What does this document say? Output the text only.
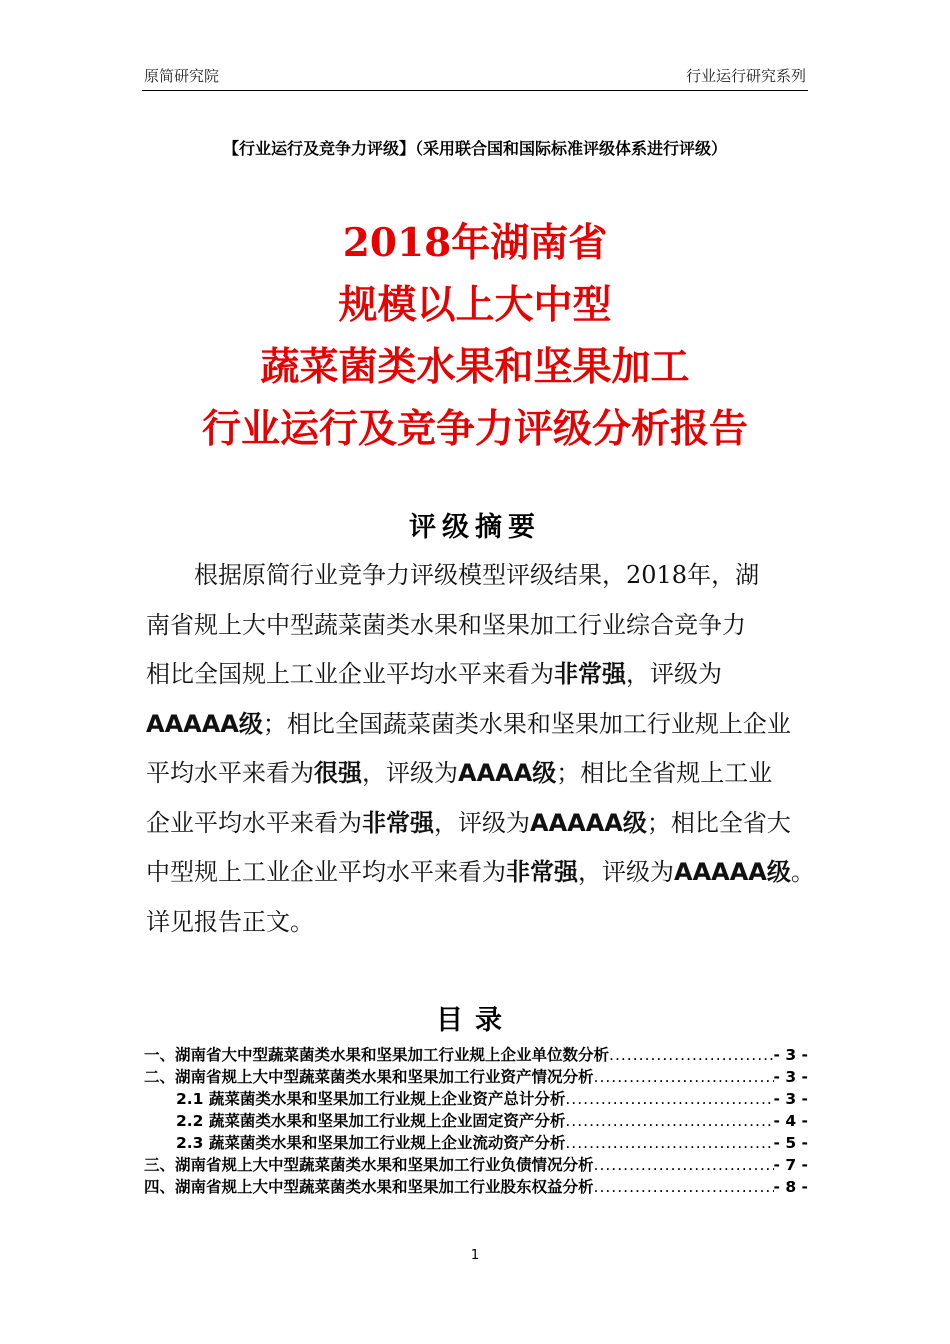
原简研究院	行业运行研究系列
【行业运行及竞争力评级】（采用联合国和国际标准评级体系进行评级）
2018年湖南省
规模以上大中型
蔬菜菌类水果和坚果加工
行业运行及竞争力评级分析报告
评级摘要
根据原简行业竞争力评级模型评级结果，2018年，湖
南省规上大中型蔬菜菌类水果和坚果加工行业综合竞争力
相比全国规上工业企业平均水平来看为非常强，评级为
AAAAA级；相比全国蔬菜菌类水果和坚果加工行业规上企业
平均水平来看为很强，评级为AAAA级；相比全省规上工业
企业平均水平来看为非常强，评级为AAAAA级；相比全省大
中型规上工业企业平均水平来看为非常强，评级为AAAAA级。
详见报告正文。
目录
一、湖南省大中型蔬菜菌类水果和坚果加工行业规上企业单位数分析 .....	- 3 -
二、湖南省规上大中型蔬菜菌类水果和坚果加工行业资产情况分析 .....	- 3 -
2.1 蔬菜菌类水果和坚果加工行业规上企业资产总计分析 .....	- 3 -
2.2 蔬菜菌类水果和坚果加工行业规上企业固定资产分析 .....	- 4 -
2.3 蔬菜菌类水果和坚果加工行业规上企业流动资产分析 .....	- 5 -
三、湖南省规上大中型蔬菜菌类水果和坚果加工行业负债情况分析 .....	- 7 -
四、湖南省规上大中型蔬菜菌类水果和坚果加工行业股东权益分析 .....	- 8 -
1
